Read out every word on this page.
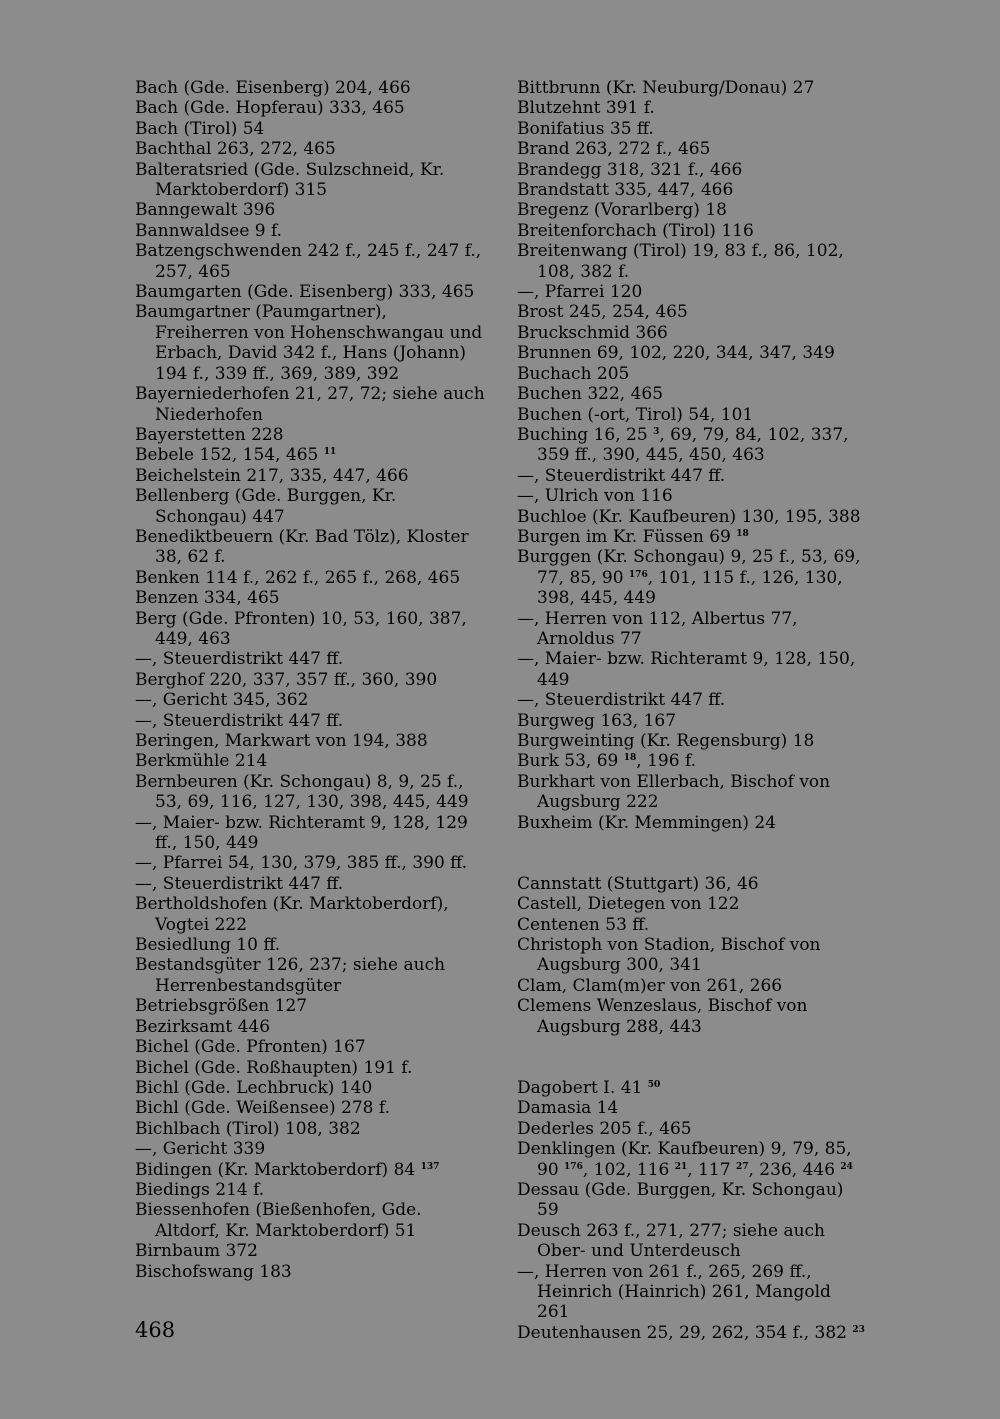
Bach (Gde. Eisenberg) 204, 466
Bach (Gde. Hopferau) 333, 465
Bach (Tirol) 54
Bachthal 263, 272, 465
Balteratsried (Gde. Sulzschneid, Kr. Marktoberdorf) 315
Banngewalt 396
Bannwaldsee 9 f.
Batzengschwenden 242 f., 245 f., 247 f., 257, 465
Baumgarten (Gde. Eisenberg) 333, 465
Baumgartner (Paumgartner), Freiherren von Hohenschwangau und Erbach, David 342 f., Hans (Johann) 194 f., 339 ff., 369, 389, 392
Bayerniederhofen 21, 27, 72; siehe auch Niederhofen
Bayerstetten 228
Bebele 152, 154, 465 $^{11}$
Beichelstein 217, 335, 447, 466
Bellenberg (Gde. Burggen, Kr. Schongau) 447
Benediktbeuern (Kr. Bad Tölz), Kloster 38, 62 f.
Benken 114 f., 262 f., 265 f., 268, 465
Benzen 334, 465
Berg (Gde. Pfronten) 10, 53, 160, 387, 449, 463
—, Steuerdistrikt 447 ff.
Berghof 220, 337, 357 ff., 360, 390
—, Gericht 345, 362
—, Steuerdistrikt 447 ff.
Beringen, Markwart von 194, 388
Berkmühle 214
Bernbeuren (Kr. Schongau) 8, 9, 25 f., 53, 69, 116, 127, 130, 398, 445, 449
—, Maier- bzw. Richteramt 9, 128, 129 ff., 150, 449
—, Pfarrei 54, 130, 379, 385 ff., 390 ff.
—, Steuerdistrikt 447 ff.
Bertholdshofen (Kr. Marktoberdorf), Vogtei 222
Besiedlung 10 ff.
Bestandsgüter 126, 237; siehe auch Herrenbestandsgüter
Betriebsgrößen 127
Bezirksamt 446
Bichel (Gde. Pfronten) 167
Bichel (Gde. Roßhaupten) 191 f.
Bichl (Gde. Lechbruck) 140
Bichl (Gde. Weißensee) 278 f.
Bichlbach (Tirol) 108, 382
—, Gericht 339
Bidingen (Kr. Marktoberdorf) 84 $^{137}$
Biedings 214 f.
Biessenhofen (Bießenhofen, Gde. Altdorf, Kr. Marktoberdorf) 51
Birnbaum 372
Bischofswang 183
Bittbrunn (Kr. Neuburg/Donau) 27
Blutzehnt 391 f.
Bonifatius 35 ff.
Brand 263, 272 f., 465
Brandegg 318, 321 f., 466
Brandstatt 335, 447, 466
Bregenz (Vorarlberg) 18
Breitenforchach (Tirol) 116
Breitenwang (Tirol) 19, 83 f., 86, 102, 108, 382 f.
—, Pfarrei 120
Brost 245, 254, 465
Bruckschmid 366
Brunnen 69, 102, 220, 344, 347, 349
Buchach 205
Buchen 322, 465
Buchen (-ort, Tirol) 54, 101
Buching 16, 25 $^3$, 69, 79, 84, 102, 337, 359 ff., 390, 445, 450, 463
—, Steuerdistrikt 447 ff.
—, Ulrich von 116
Buchloe (Kr. Kaufbeuren) 130, 195, 388
Burgen im Kr. Füssen 69 $^{18}$
Burggen (Kr. Schongau) 9, 25 f., 53, 69, 77, 85, 90 $^{176}$, 101, 115 f., 126, 130, 398, 445, 449
—, Herren von 112, Albertus 77, Arnoldus 77
—, Maier- bzw. Richteramt 9, 128, 150, 449
—, Steuerdistrikt 447 ff.
Burgweg 163, 167
Burgweinting (Kr. Regensburg) 18
Burk 53, 69 $^{18}$, 196 f.
Burkhart von Ellerbach, Bischof von Augsburg 222
Buxheim (Kr. Memmingen) 24
Cannstatt (Stuttgart) 36, 46
Castell, Dietegen von 122
Centenen 53 ff.
Christoph von Stadion, Bischof von Augsburg 300, 341
Clam, Clam(m)er von 261, 266
Clemens Wenzeslaus, Bischof von Augsburg 288, 443
Dagobert I. 41 $^{50}$
Damasia 14
Dederles 205 f., 465
Denklingen (Kr. Kaufbeuren) 9, 79, 85, 90 $^{176}$, 102, 116 $^{21}$, 117 $^{27}$, 236, 446 $^{24}$
Dessau (Gde. Burggen, Kr. Schongau) 59
Deusch 263 f., 271, 277; siehe auch Ober- und Unterdeusch
—, Herren von 261 f., 265, 269 ff., Heinrich (Hainrich) 261, Mangold 261
Deutenhausen 25, 29, 262, 354 f., 382 $^{23}$
468
